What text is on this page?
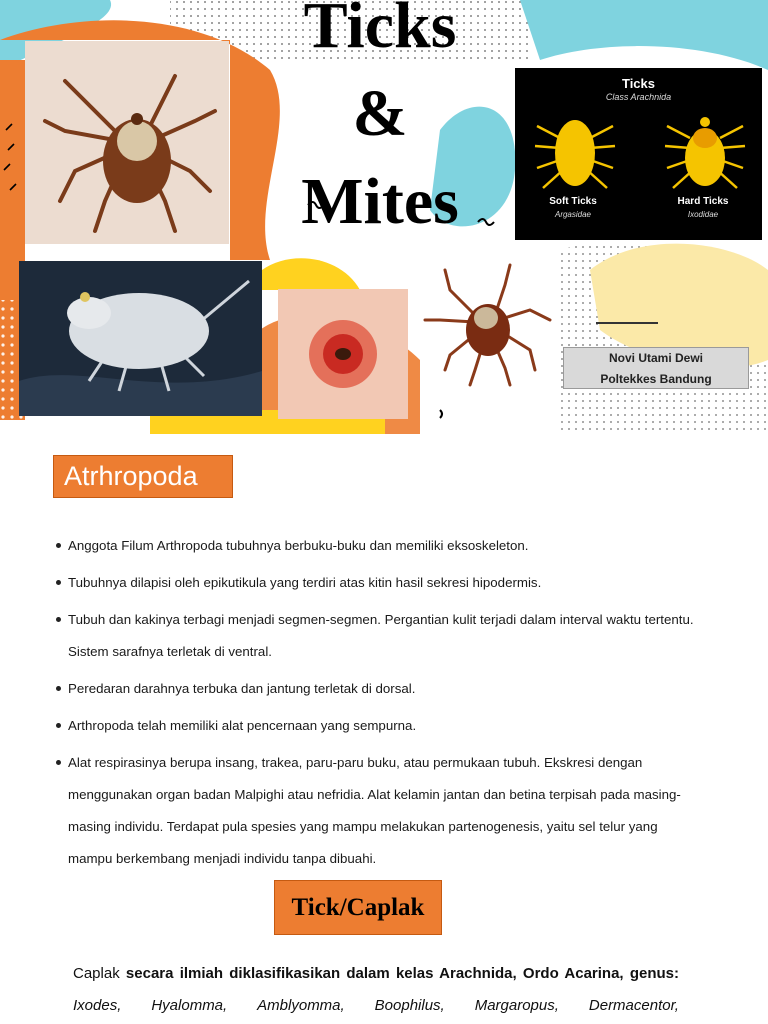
Ticks
Class Arachnida
Soft Ticks
Argasidae
Hard Ticks
Ixodidae
Ticks
&
Mites
Novi Utami Dewi
Poltekkes Bandung
Atrhropoda
Anggota Filum Arthropoda tubuhnya berbuku-buku dan memiliki eksoskeleton.
Tubuhnya dilapisi oleh epikutikula yang terdiri atas kitin hasil sekresi hipodermis.
Tubuh dan kakinya terbagi menjadi segmen-segmen. Pergantian kulit terjadi dalam interval waktu tertentu. Sistem sarafnya terletak di ventral.
Peredaran darahnya terbuka dan jantung terletak di dorsal.
Arthropoda telah memiliki alat pencernaan yang sempurna.
Alat respirasinya berupa insang, trakea, paru-paru buku, atau permukaan tubuh. Ekskresi dengan menggunakan organ badan Malpighi atau nefridia. Alat kelamin jantan dan betina terpisah pada masing-masing individu. Terdapat pula spesies yang mampu melakukan partenogenesis, yaitu sel telur yang mampu berkembang menjadi individu tanpa dibuahi.
Tick/Caplak

Caplak secara ilmiah diklasifikasikan dalam kelas Arachnida, Ordo Acarina, genus:

Ixodes, Hyalomma, Amblyomma, Boophilus, Margaropus, Dermacentor,
